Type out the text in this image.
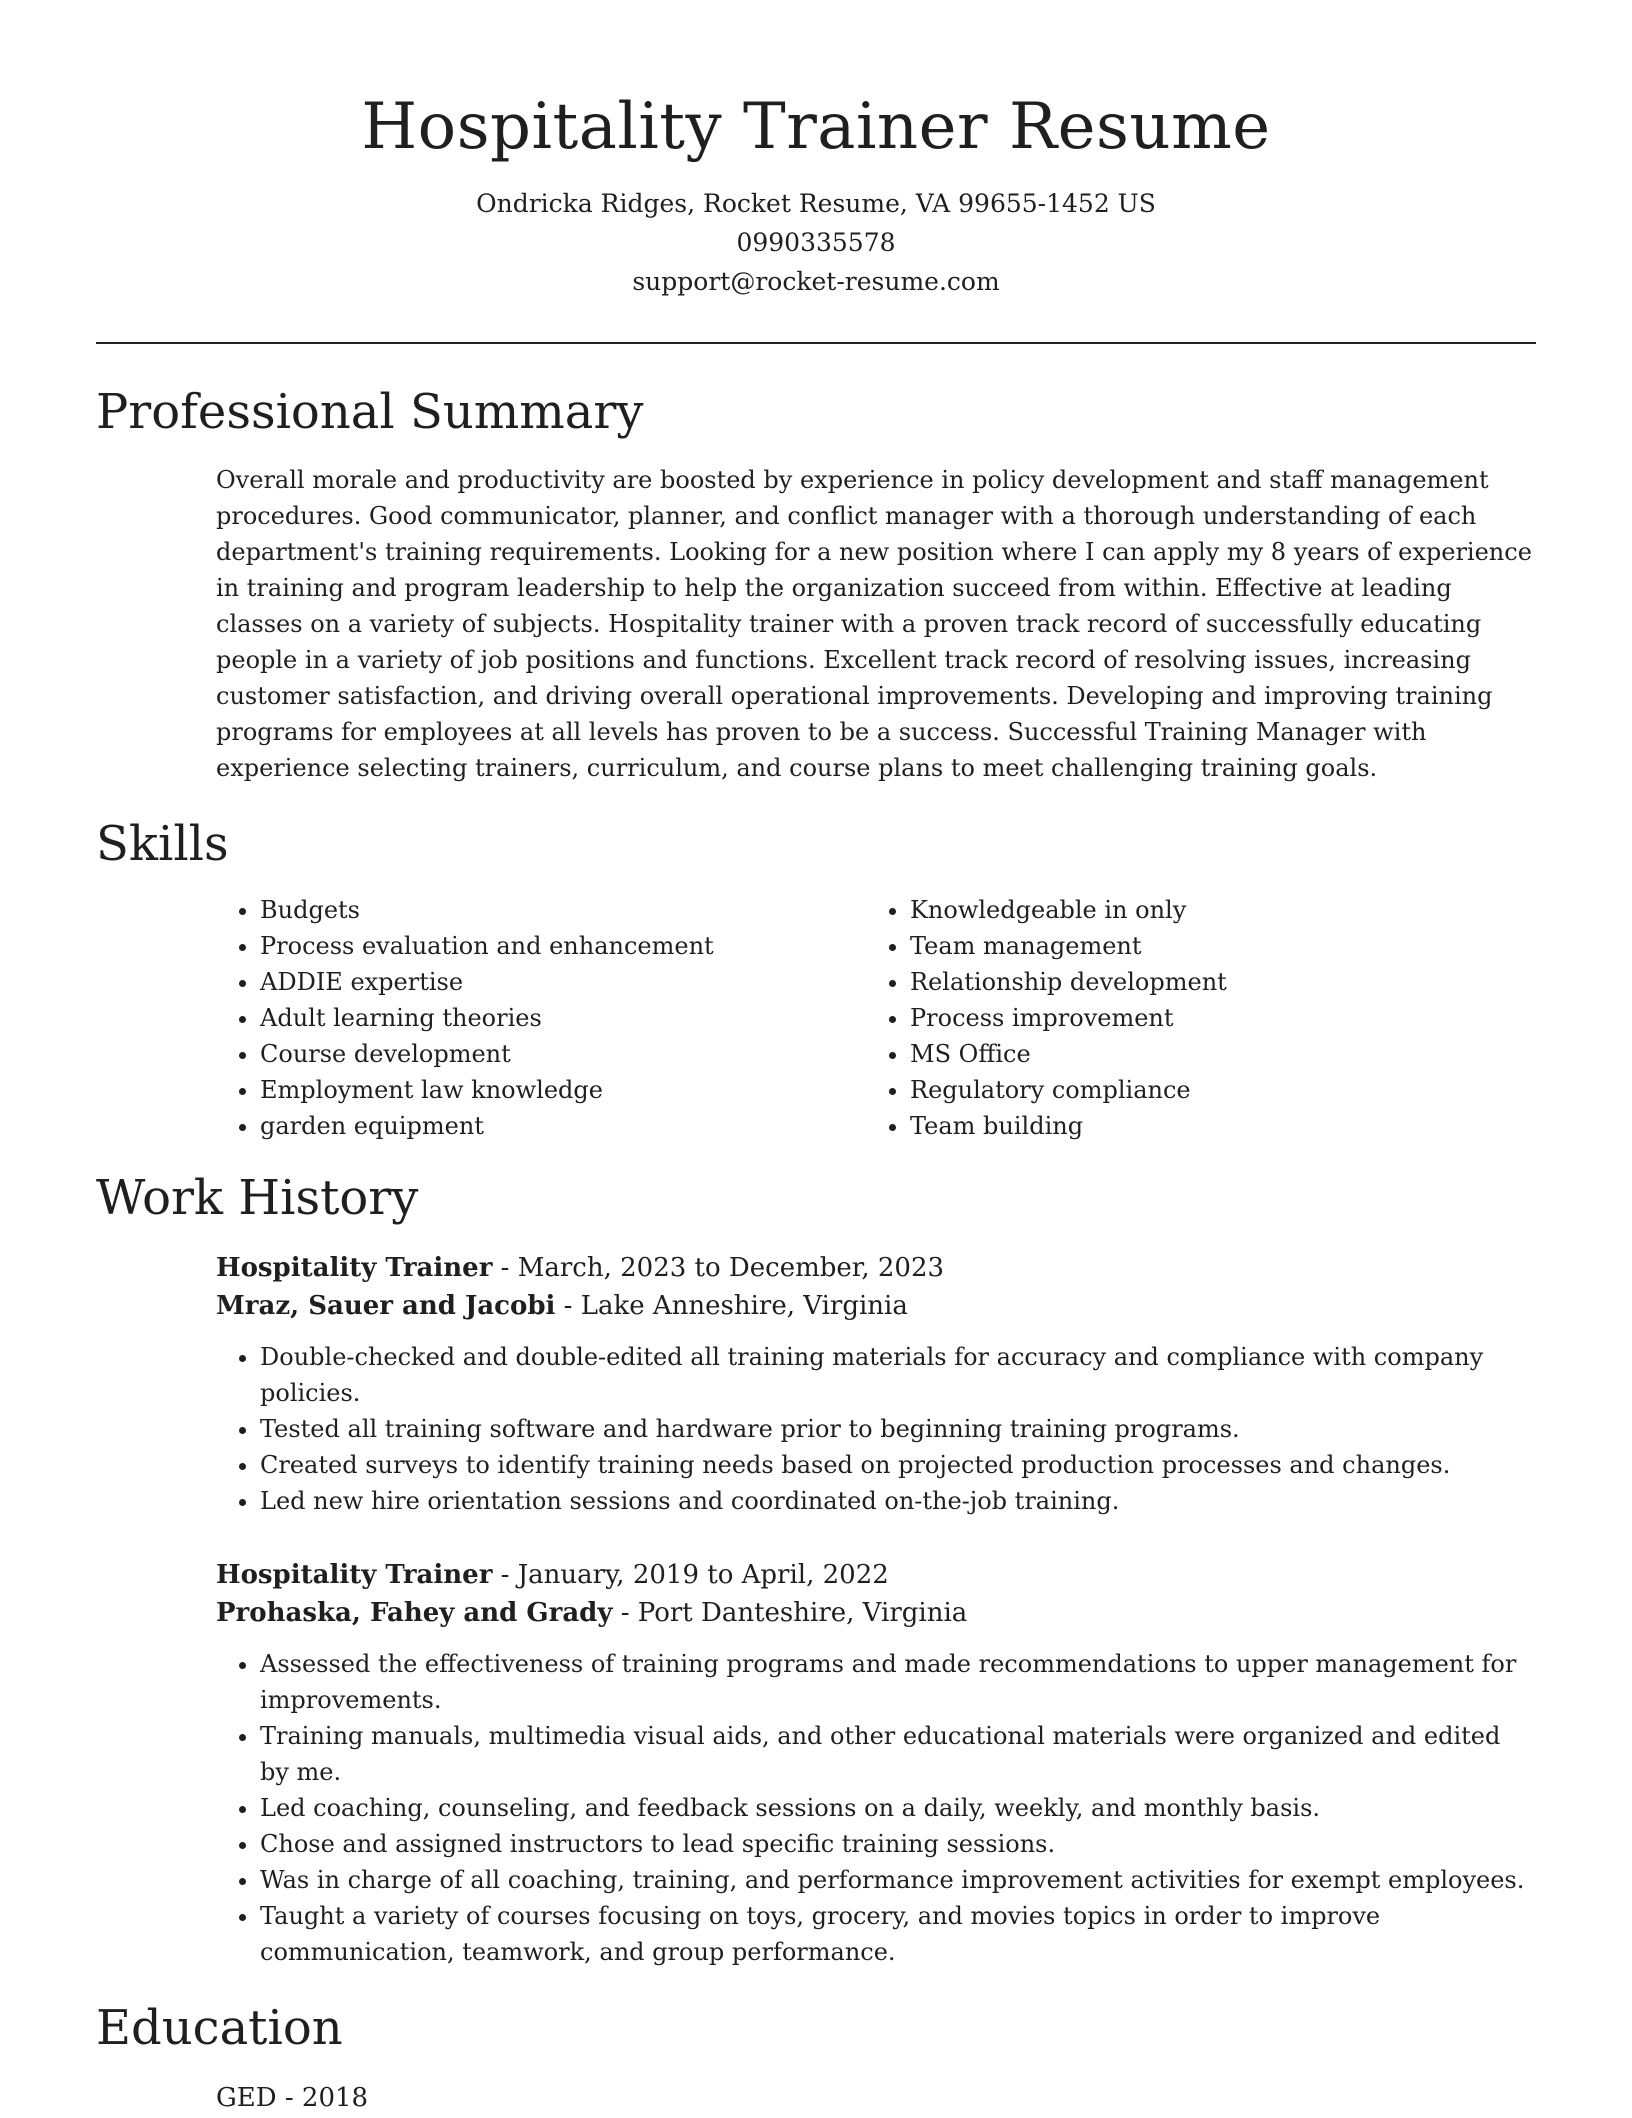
Hospitality Trainer Resume
Ondricka Ridges, Rocket Resume, VA 99655-1452 US
0990335578
support@rocket-resume.com
Professional Summary

Overall morale and productivity are boosted by experience in policy development and staff management procedures. Good communicator, planner, and conflict manager with a thorough understanding of each department's training requirements. Looking for a new position where I can apply my 8 years of experience in training and program leadership to help the organization succeed from within. Effective at leading classes on a variety of subjects. Hospitality trainer with a proven track record of successfully educating people in a variety of job positions and functions. Excellent track record of resolving issues, increasing customer satisfaction, and driving overall operational improvements. Developing and improving training programs for employees at all levels has proven to be a success. Successful Training Manager with experience selecting trainers, curriculum, and course plans to meet challenging training goals.

Skills
• Budgets
• Process evaluation and enhancement
• ADDIE expertise
• Adult learning theories
• Course development
• Employment law knowledge
• garden equipment
• Knowledgeable in only
• Team management
• Relationship development
• Process improvement
• MS Office
• Regulatory compliance
• Team building
Work History
Hospitality Trainer - March, 2023 to December, 2023
Mraz, Sauer and Jacobi - Lake Anneshire, Virginia
• Double-checked and double-edited all training materials for accuracy and compliance with company policies.
• Tested all training software and hardware prior to beginning training programs.
• Created surveys to identify training needs based on projected production processes and changes.
• Led new hire orientation sessions and coordinated on-the-job training.
Hospitality Trainer - January, 2019 to April, 2022
Prohaska, Fahey and Grady - Port Danteshire, Virginia
• Assessed the effectiveness of training programs and made recommendations to upper management for improvements.
• Training manuals, multimedia visual aids, and other educational materials were organized and edited by me.
• Led coaching, counseling, and feedback sessions on a daily, weekly, and monthly basis.
• Chose and assigned instructors to lead specific training sessions.
• Was in charge of all coaching, training, and performance improvement activities for exempt employees.
• Taught a variety of courses focusing on toys, grocery, and movies topics in order to improve communication, teamwork, and group performance.
Education
GED - 2018
